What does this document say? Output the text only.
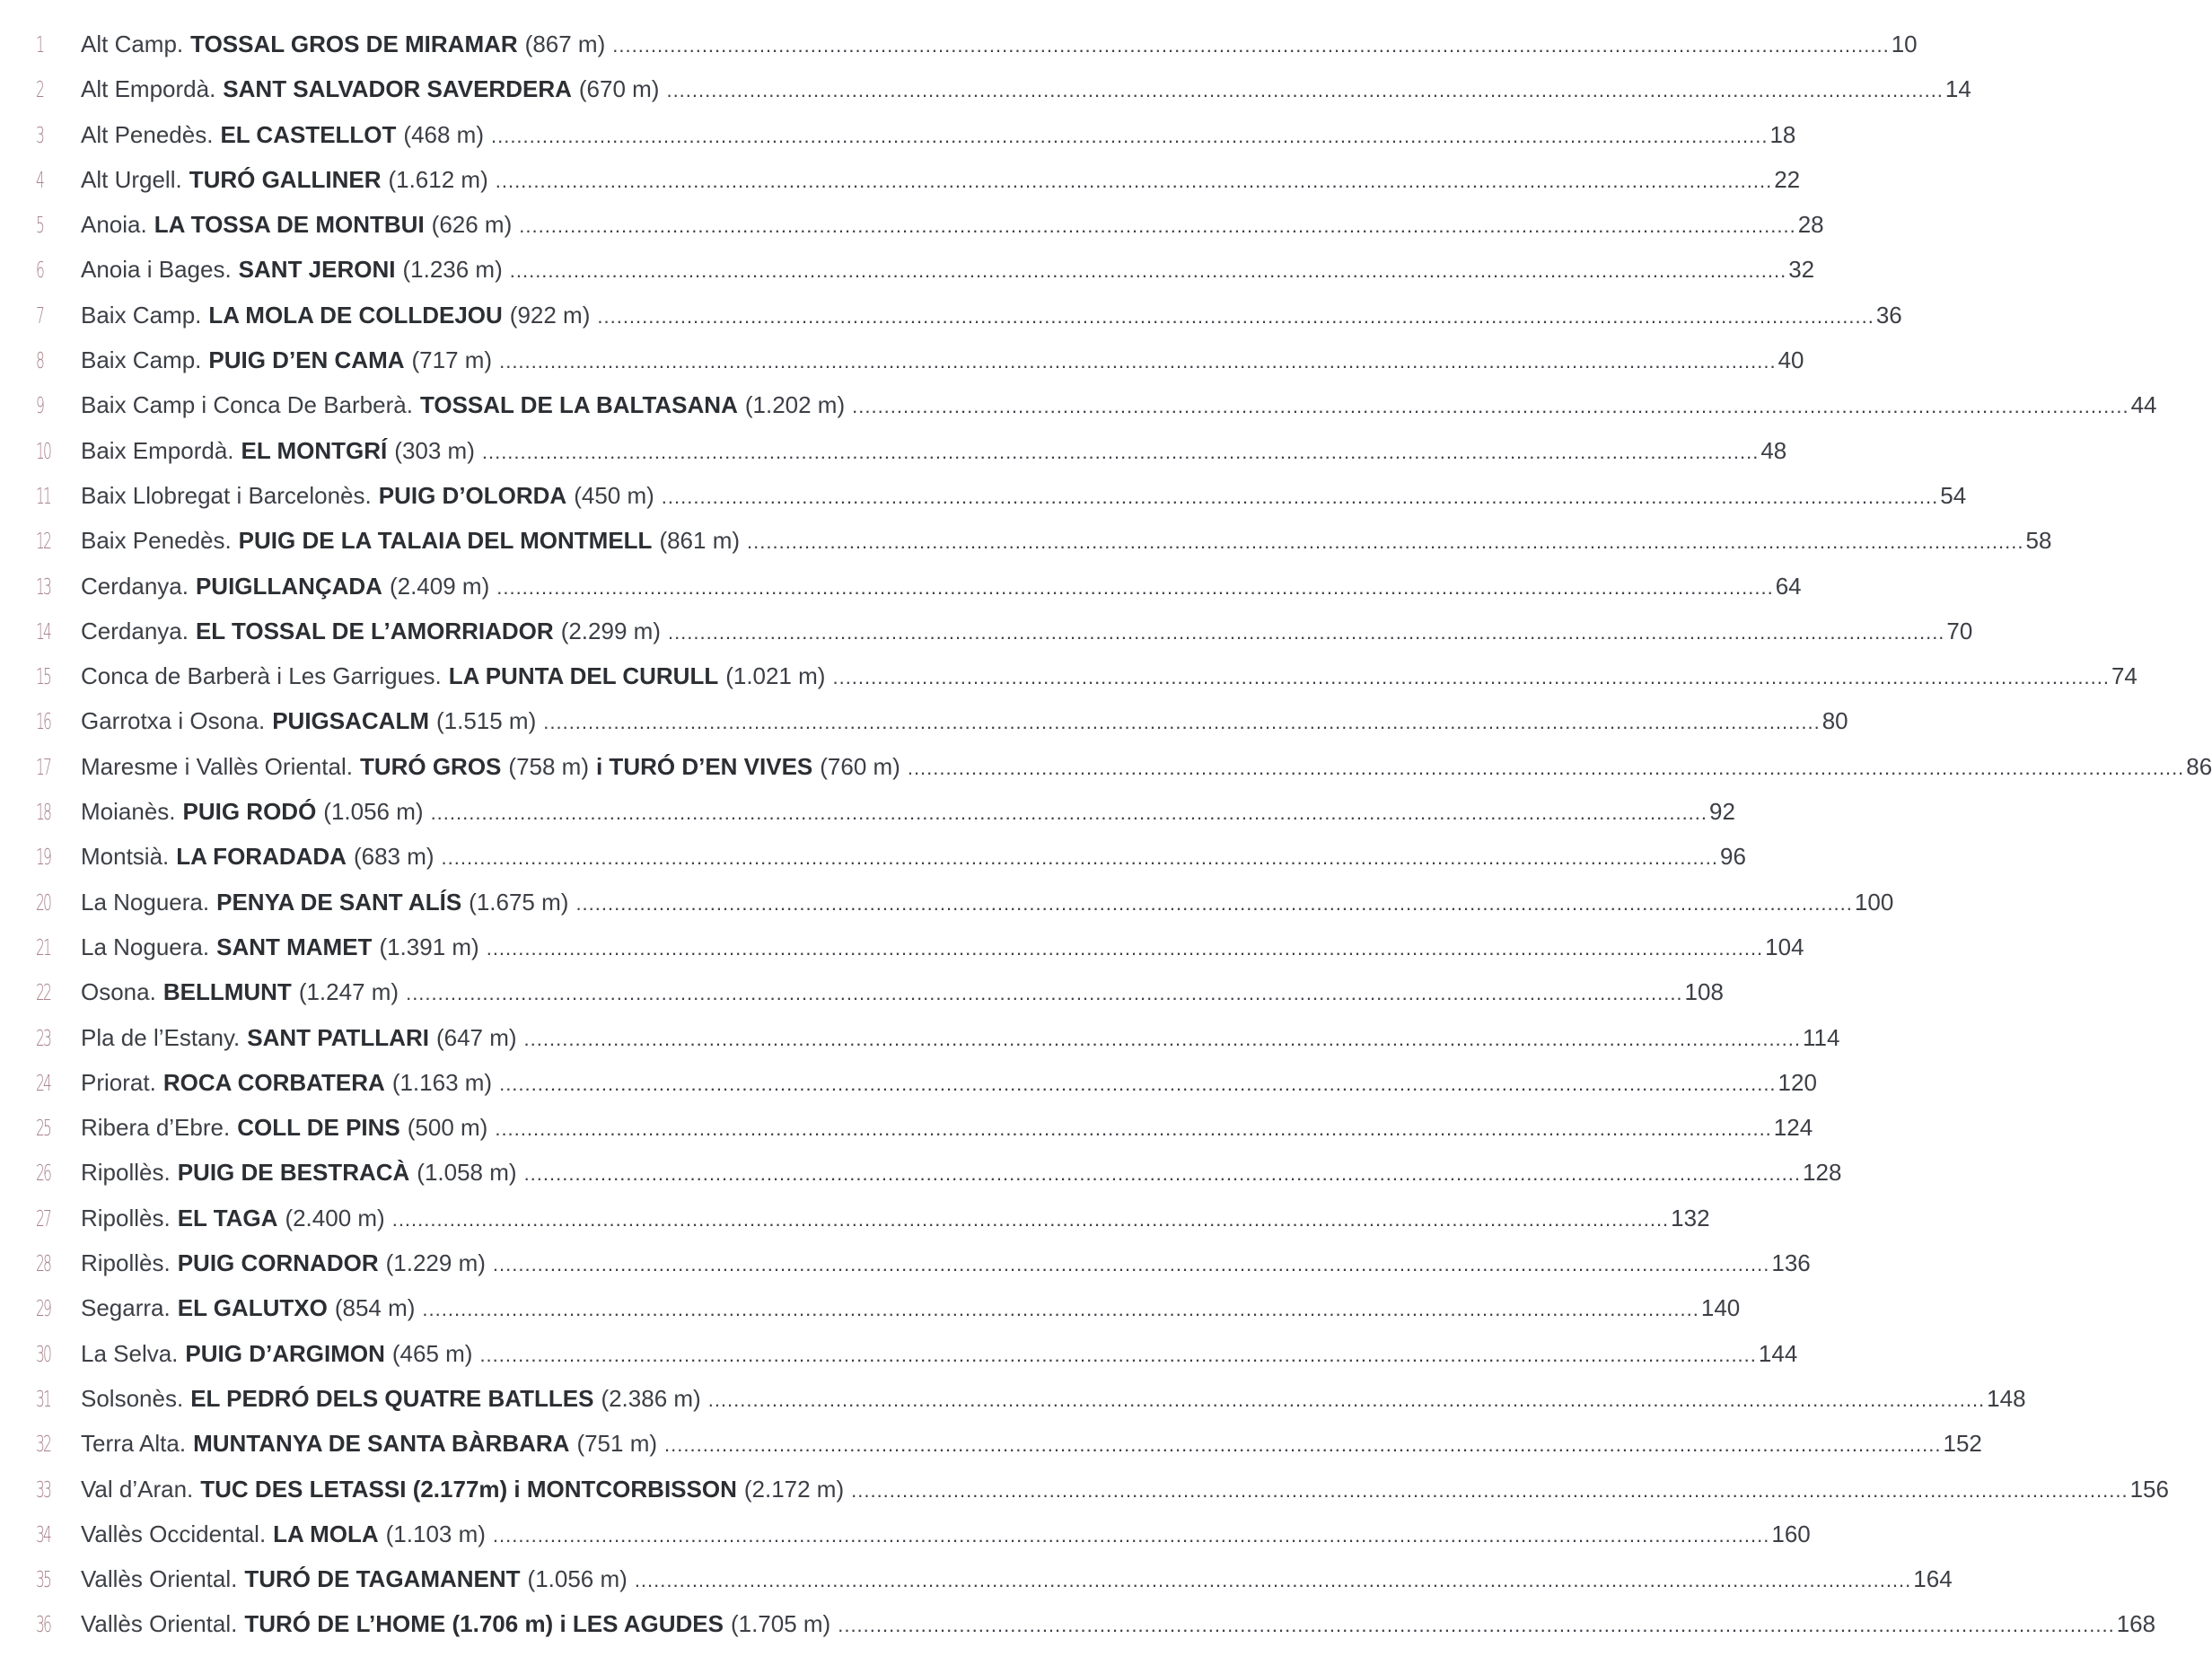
1	Alt Camp. TOSSAL GROS DE MIRAMAR (867 m) ........................................................................................................................................................................................................ 10
2	Alt Empordà. SANT SALVADOR SAVERDERA (670 m) ........................................................................................................................................................................................................ 14
3	Alt Penedès. EL CASTELLOT (468 m) ........................................................................................................................................................................................................ 18
4	Alt Urgell. TURÓ GALLINER (1.612 m) ........................................................................................................................................................................................................ 22
5	Anoia. LA TOSSA DE MONTBUI (626 m) ........................................................................................................................................................................................................ 28
6	Anoia i Bages. SANT JERONI (1.236 m) ........................................................................................................................................................................................................ 32
7	Baix Camp. LA MOLA DE COLLDEJOU (922 m) ........................................................................................................................................................................................................ 36
8	Baix Camp. PUIG D’EN CAMA (717 m) ........................................................................................................................................................................................................ 40
9	Baix Camp i Conca De Barberà. TOSSAL DE LA BALTASANA (1.202 m) ........................................................................................................................................................................................................ 44
10	Baix Empordà. EL MONTGRÍ (303 m) ........................................................................................................................................................................................................ 48
11	Baix Llobregat i Barcelonès. PUIG D’OLORDA (450 m) ........................................................................................................................................................................................................ 54
12	Baix Penedès. PUIG DE LA TALAIA DEL MONTMELL (861 m) ........................................................................................................................................................................................................ 58
13	Cerdanya. PUIGLLANÇADA (2.409 m) ........................................................................................................................................................................................................ 64
14	Cerdanya. EL TOSSAL DE L’AMORRIADOR (2.299 m) ........................................................................................................................................................................................................ 70
15	Conca de Barberà i Les Garrigues. LA PUNTA DEL CURULL (1.021 m) ........................................................................................................................................................................................................ 74
16	Garrotxa i Osona. PUIGSACALM (1.515 m) ........................................................................................................................................................................................................ 80
17	Maresme i Vallès Oriental. TURÓ GROS (758 m) i TURÓ D’EN VIVES (760 m) ........................................................................................................................................................................................................ 86
18	Moianès. PUIG RODÓ (1.056 m) ........................................................................................................................................................................................................ 92
19	Montsià. LA FORADADA (683 m) ........................................................................................................................................................................................................ 96
20	La Noguera. PENYA DE SANT ALÍS (1.675 m) ........................................................................................................................................................................................................ 100
21	La Noguera. SANT MAMET (1.391 m) ........................................................................................................................................................................................................ 104
22	Osona. BELLMUNT (1.247 m) ........................................................................................................................................................................................................ 108
23	Pla de l’Estany. SANT PATLLARI (647 m) ........................................................................................................................................................................................................ 114
24	Priorat. ROCA CORBATERA (1.163 m) ........................................................................................................................................................................................................ 120
25	Ribera d’Ebre. COLL DE PINS (500 m) ........................................................................................................................................................................................................ 124
26	Ripollès. PUIG DE BESTRACÀ (1.058 m) ........................................................................................................................................................................................................ 128
27	Ripollès. EL TAGA (2.400 m) ........................................................................................................................................................................................................ 132
28	Ripollès. PUIG CORNADOR (1.229 m) ........................................................................................................................................................................................................ 136
29	Segarra. EL GALUTXO (854 m) ........................................................................................................................................................................................................ 140
30	La Selva. PUIG D’ARGIMON (465 m) ........................................................................................................................................................................................................ 144
31	Solsonès. EL PEDRÓ DELS QUATRE BATLLES (2.386 m) ........................................................................................................................................................................................................ 148
32	Terra Alta. MUNTANYA DE SANTA BÀRBARA (751 m) ........................................................................................................................................................................................................ 152
33	Val d’Aran. TUC DES LETASSI (2.177m) i MONTCORBISSON (2.172 m) ........................................................................................................................................................................................................ 156
34	Vallès Occidental. LA MOLA (1.103 m) ........................................................................................................................................................................................................ 160
35	Vallès Oriental. TURÓ DE TAGAMANENT (1.056 m) ........................................................................................................................................................................................................ 164
36	Vallès Oriental. TURÓ DE L’HOME (1.706 m) i LES AGUDES (1.705 m) ........................................................................................................................................................................................................ 168
